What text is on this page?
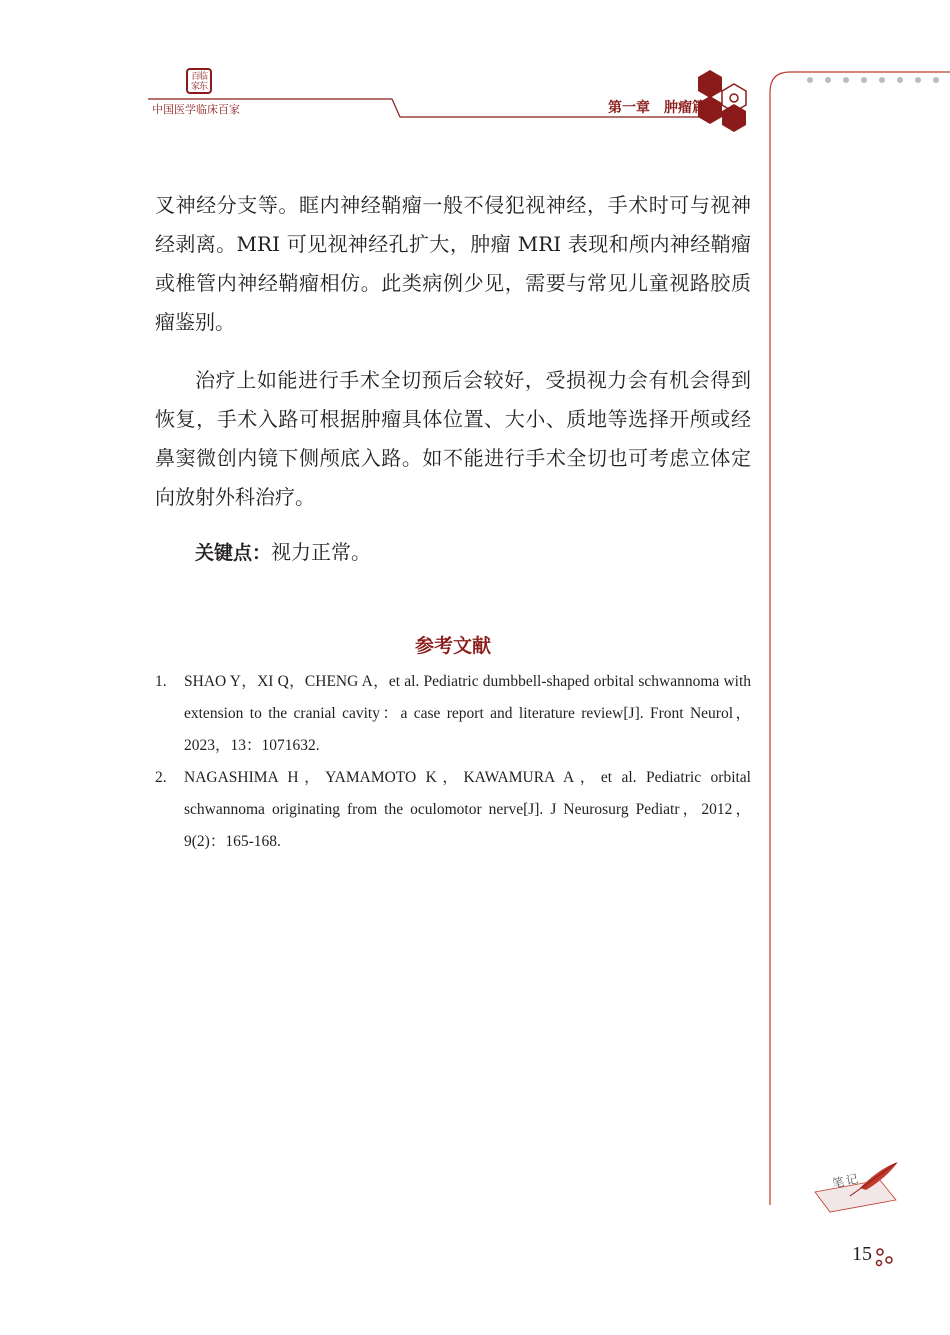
百临家东
中国医学临床百家	第一章　肿瘤篇

叉神经分支等。眶内神经鞘瘤一般不侵犯视神经，手术时可与视神经剥离。MRI 可见视神经孔扩大，肿瘤 MRI 表现和颅内神经鞘瘤或椎管内神经鞘瘤相仿。此类病例少见，需要与常见儿童视路胶质瘤鉴别。

治疗上如能进行手术全切预后会较好，受损视力会有机会得到恢复，手术入路可根据肿瘤具体位置、大小、质地等选择开颅或经鼻窦微创内镜下侧颅底入路。如不能进行手术全切也可考虑立体定向放射外科治疗。

关键点：视力正常。
参考文献
1. SHAO Y，XI Q，CHENG A，et al. Pediatric dumbbell-shaped orbital schwannoma with extension to the cranial cavity：a case report and literature review[J]. Front Neurol，2023，13：1071632.
2. NAGASHIMA H，YAMAMOTO K，KAWAMURA A，et al. Pediatric orbital schwannoma originating from the oculomotor nerve[J]. J Neurosurg Pediatr，2012，9(2)：165-168.
笔记
15
